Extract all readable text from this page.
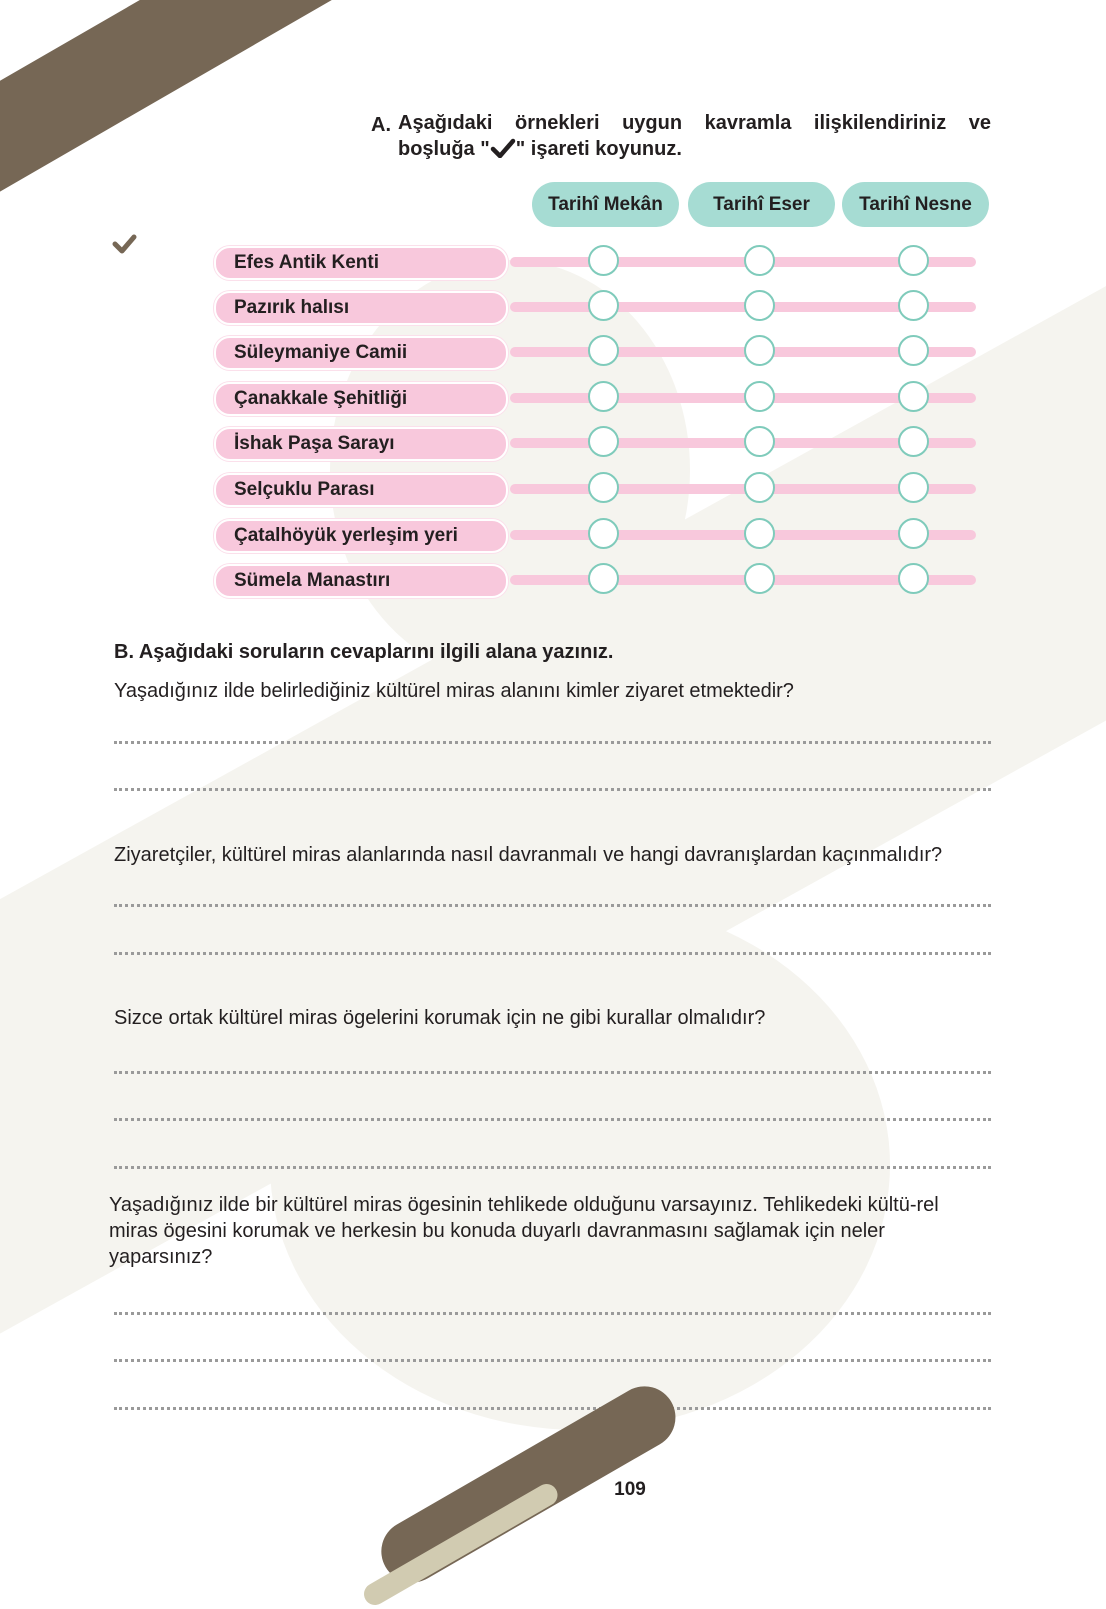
DEĞERLENDİRELİM A. Aşağıdaki örnekleri uygun kavramla ilişkilendiriniz ve
boşluğa " " işareti koyunuz.
Tarihî Mekân	Tarihî Eser	Tarihî Nesne
Efes Antik Kenti
Pazırık halısı
Süleymaniye Camii
Çanakkale Şehitliği
İshak Paşa Sarayı
Selçuklu Parası
Çatalhöyük yerleşim yeri
Sümela Manastırı
B. Aşağıdaki soruların cevaplarını ilgili alana yazınız.
Yaşadığınız ilde belirlediğiniz kültürel miras alanını kimler ziyaret etmektedir?
Ziyaretçiler, kültürel miras alanlarında nasıl davranmalı ve hangi davranışlardan kaçınmalıdır?
Sizce ortak kültürel miras ögelerini korumak için ne gibi kurallar olmalıdır?
Yaşadığınız ilde bir kültürel miras ögesinin tehlikede olduğunu varsayınız. Tehlikedeki kültü-rel miras ögesini korumak ve herkesin bu konuda duyarlı davranmasını sağlamak için neler yaparsınız?
109
